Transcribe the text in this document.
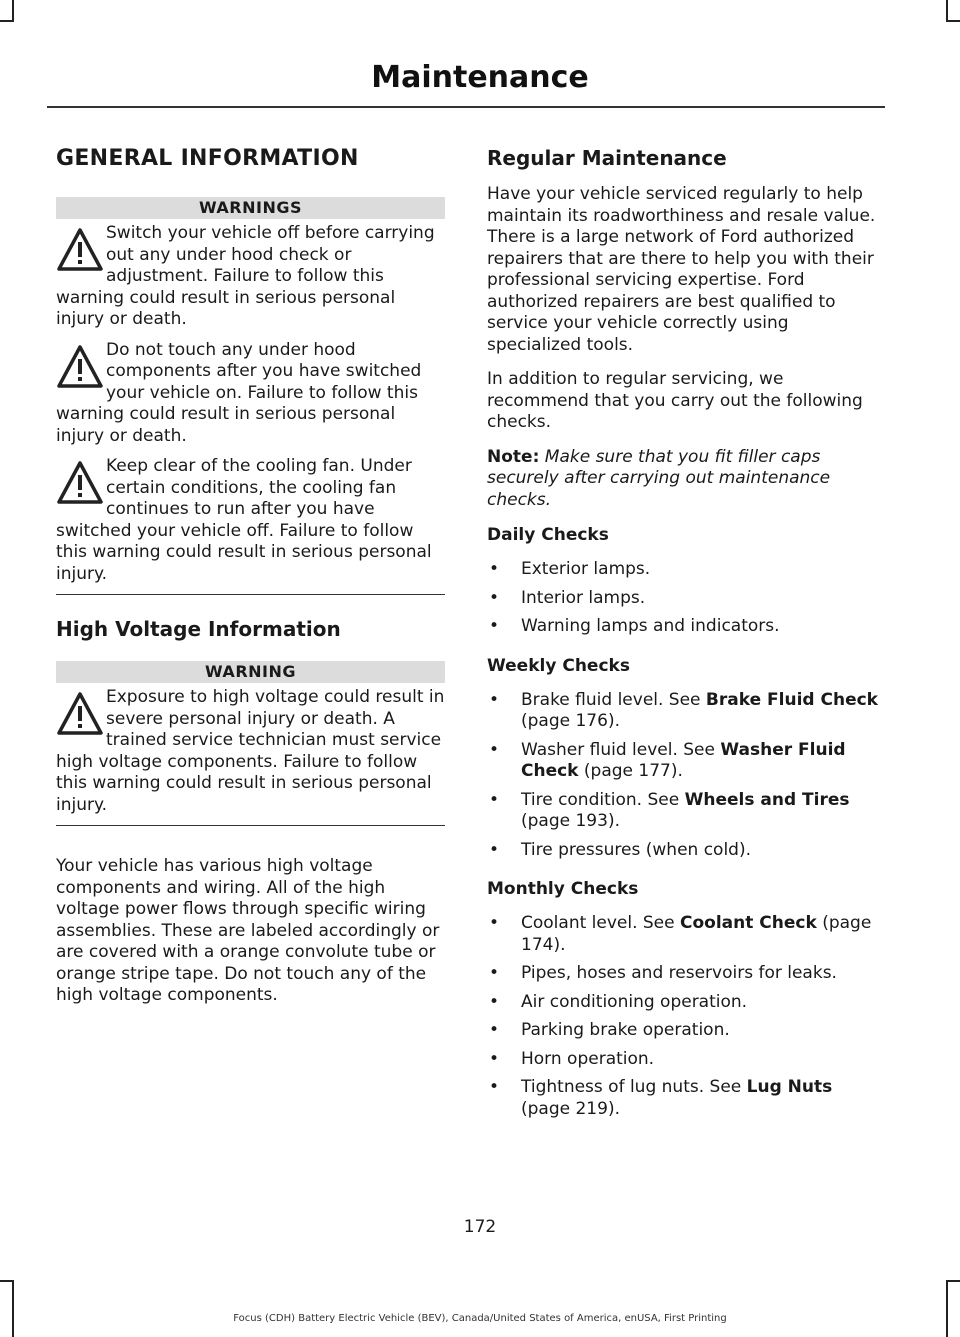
Maintenance
GENERAL INFORMATION
WARNINGS
Switch your vehicle off before carrying out any under hood check or adjustment. Failure to follow this warning could result in serious personal injury or death.
Do not touch any under hood components after you have switched your vehicle on. Failure to follow this warning could result in serious personal injury or death.
Keep clear of the cooling fan. Under certain conditions, the cooling fan continues to run after you have switched your vehicle off. Failure to follow this warning could result in serious personal injury.
High Voltage Information
WARNING
Exposure to high voltage could result in severe personal injury or death. A trained service technician must service high voltage components. Failure to follow this warning could result in serious personal injury.

Your vehicle has various high voltage components and wiring. All of the high voltage power flows through specific wiring assemblies. These are labeled accordingly or are covered with a orange convolute tube or orange stripe tape. Do not touch any of the high voltage components.

Regular Maintenance

Have your vehicle serviced regularly to help maintain its roadworthiness and resale value. There is a large network of Ford authorized repairers that are there to help you with their professional servicing expertise. Ford authorized repairers are best qualified to service your vehicle correctly using specialized tools.

In addition to regular servicing, we recommend that you carry out the following checks.

Note: Make sure that you fit filler caps securely after carrying out maintenance checks.

Daily Checks
• Exterior lamps.
• Interior lamps.
• Warning lamps and indicators.
Weekly Checks
• Brake fluid level. See Brake Fluid Check (page 176).
• Washer fluid level. See Washer Fluid Check (page 177).
• Tire condition. See Wheels and Tires (page 193).
• Tire pressures (when cold).
Monthly Checks
• Coolant level. See Coolant Check (page 174).
• Pipes, hoses and reservoirs for leaks.
• Air conditioning operation.
• Parking brake operation.
• Horn operation.
• Tightness of lug nuts. See Lug Nuts (page 219).
172
Focus (CDH) Battery Electric Vehicle (BEV), Canada/United States of America, enUSA, First Printing
